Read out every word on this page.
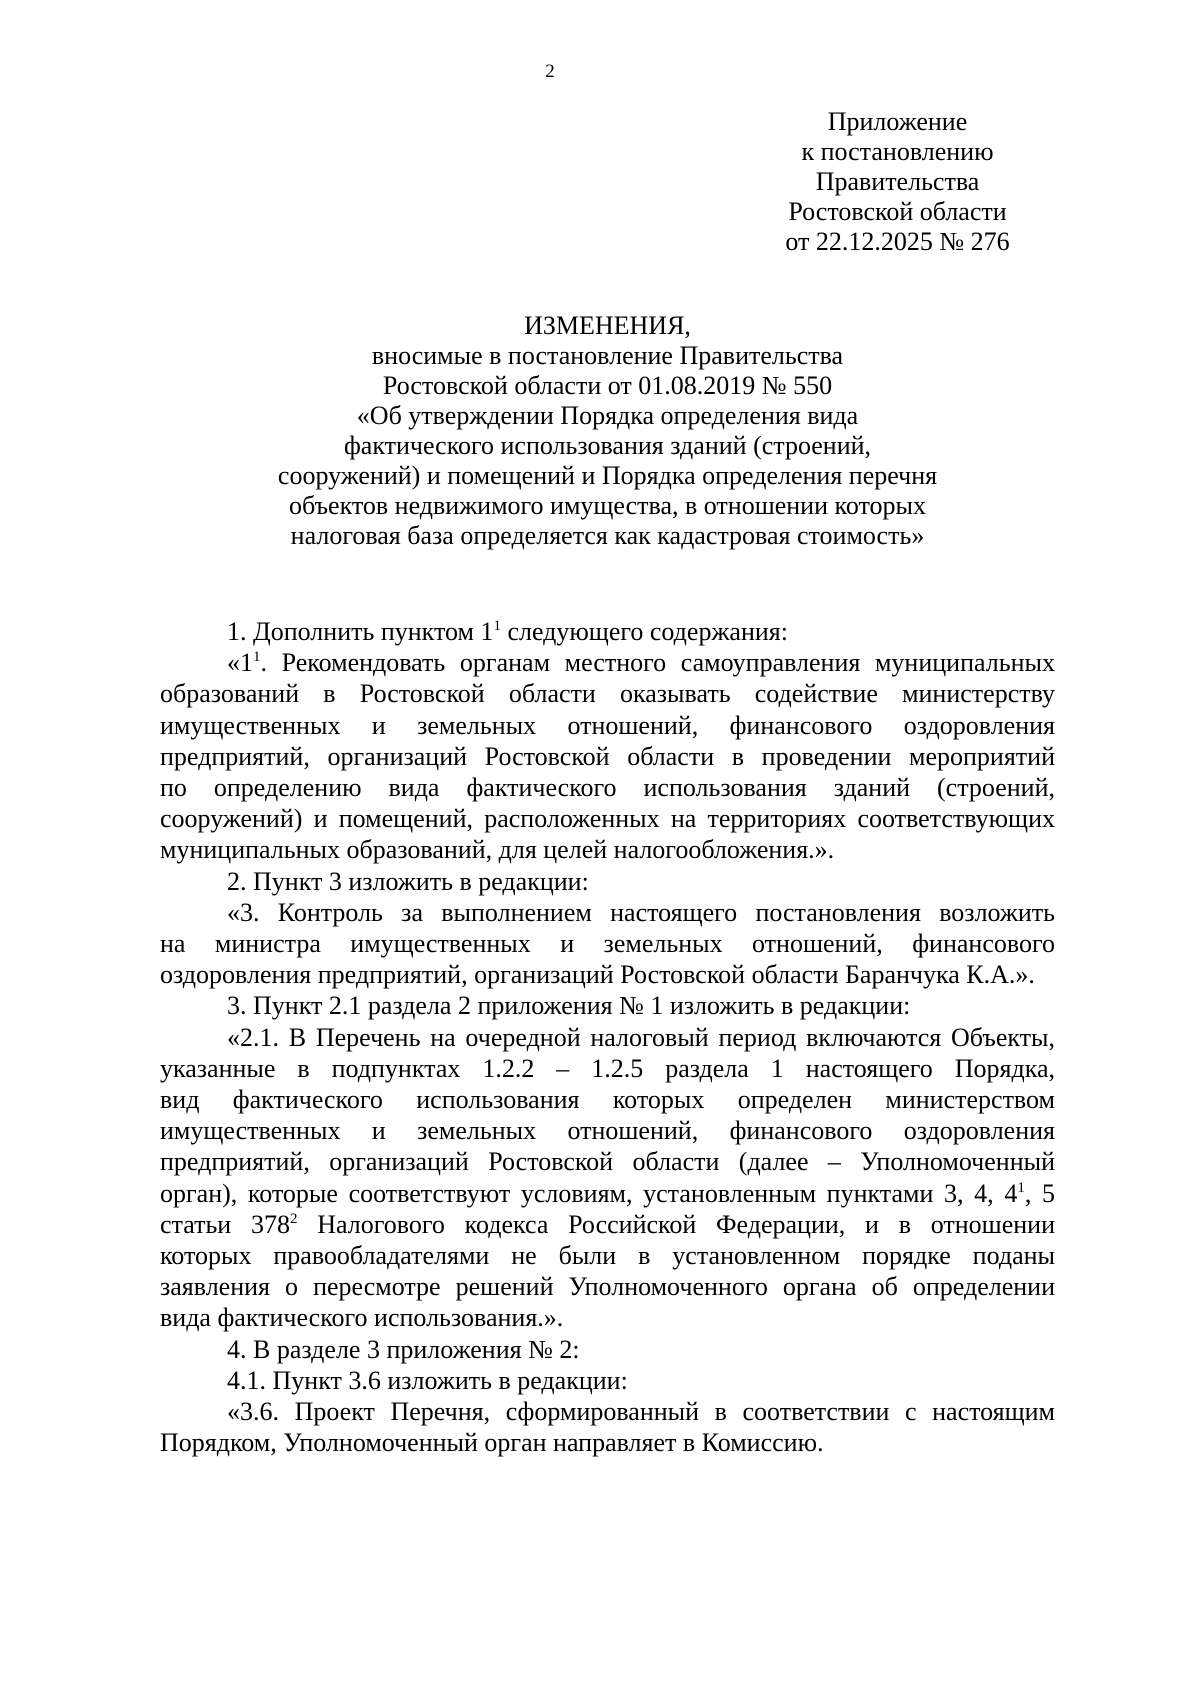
2
Приложение
к постановлению
Правительства
Ростовской области
от 22.12.2025 № 276
ИЗМЕНЕНИЯ,
вносимые в постановление Правительства
Ростовской области от 01.08.2019 № 550
«Об утверждении Порядка определения вида
фактического использования зданий (строений,
сооружений) и помещений и Порядка определения перечня
объектов недвижимого имущества, в отношении которых
налоговая база определяется как кадастровая стоимость»

1. Дополнить пунктом $1^1$ следующего содержания:

«$1^1$. Рекомендовать органам местного самоуправления муниципальных

образований в Ростовской области оказывать содействие министерству

имущественных и земельных отношений, финансового оздоровления

предприятий, организаций Ростовской области в проведении мероприятий

по определению вида фактического использования зданий (строений,

сооружений) и помещений, расположенных на территориях соответствующих

муниципальных образований, для целей налогообложения.».

2. Пункт 3 изложить в редакции:

«3. Контроль за выполнением настоящего постановления возложить

на министра имущественных и земельных отношений, финансового

оздоровления предприятий, организаций Ростовской области Баранчука К.А.».

3. Пункт 2.1 раздела 2 приложения № 1 изложить в редакции:

«2.1. В Перечень на очередной налоговый период включаются Объекты,

указанные в подпунктах 1.2.2 – 1.2.5 раздела 1 настоящего Порядка,

вид фактического использования которых определен министерством

имущественных и земельных отношений, финансового оздоровления

предприятий, организаций Ростовской области (далее – Уполномоченный

орган), которые соответствуют условиям, установленным пунктами 3, 4, $4^1$, 5

статьи $378^2$ Налогового кодекса Российской Федерации, и в отношении

которых правообладателями не были в установленном порядке поданы

заявления о пересмотре решений Уполномоченного органа об определении

вида фактического использования.».

4. В разделе 3 приложения № 2:

4.1. Пункт 3.6 изложить в редакции:

«3.6. Проект Перечня, сформированный в соответствии с настоящим

Порядком, Уполномоченный орган направляет в Комиссию.
